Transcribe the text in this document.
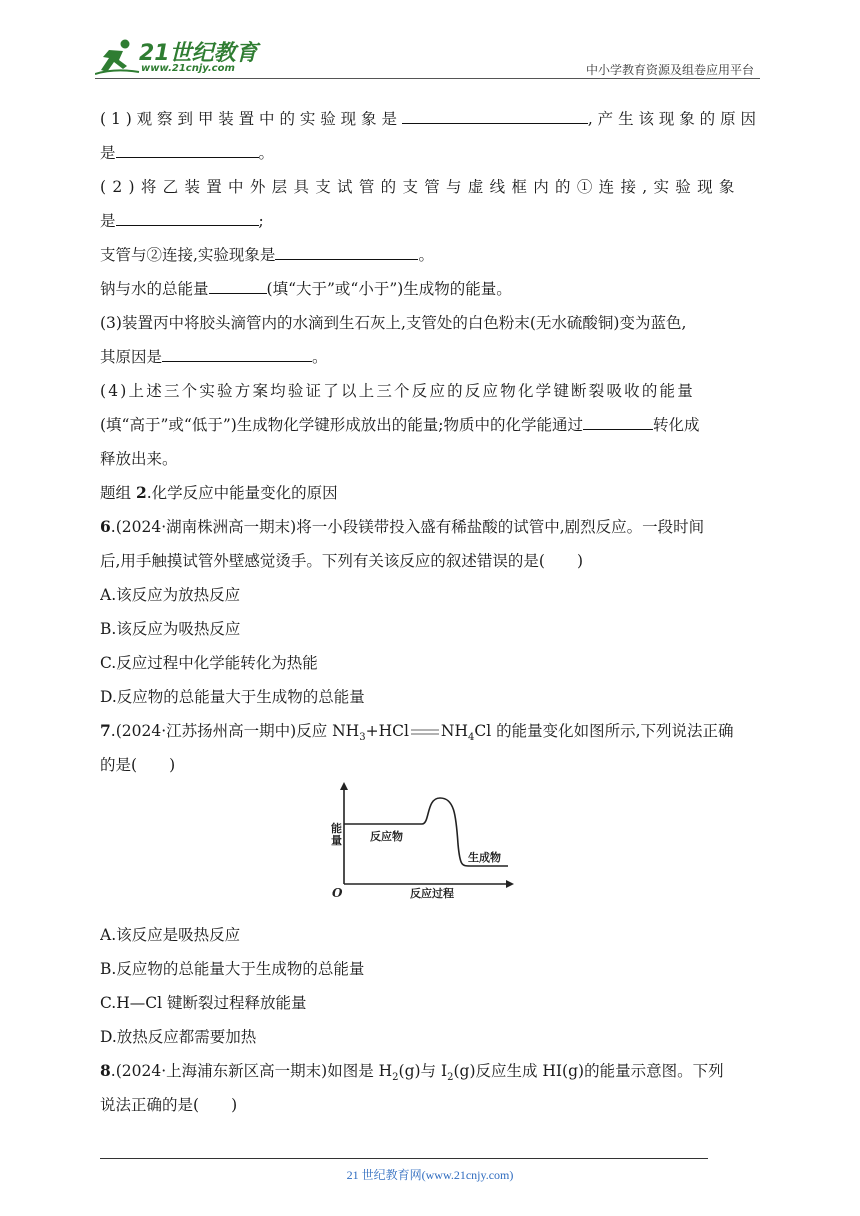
21世纪教育
www.21cnjy.com	中小学教育资源及组卷应用平台
(1)观察到甲装置中的实验现象是	,产生该现象的原因
是	。
(2)将乙装置中外层具支试管的支管与虚线框内的①连接,实验现象
是	;
支管与②连接,实验现象是	。
钠与水的总能量	(填“大于”或“小于”)生成物的能量。
(3)装置丙中将胶头滴管内的水滴到生石灰上,支管处的白色粉末(无水硫酸铜)变为蓝色,
其原因是	。
(4)上述三个实验方案均验证了以上三个反应的反应物化学键断裂吸收的能量
(填“高于”或“低于”)生成物化学键形成放出的能量;物质中的化学能通过	转化成
释放出来。
题组 2.化学反应中能量变化的原因
6.(2024·湖南株洲高一期末)将一小段镁带投入盛有稀盐酸的试管中,剧烈反应。一段时间
后,用手触摸试管外壁感觉烫手。下列有关该反应的叙述错误的是( )
A.该反应为放热反应
B.该反应为吸热反应
C.反应过程中化学能转化为热能
D.反应物的总能量大于生成物的总能量
7.(2024·江苏扬州高一期中)反应 $NH_3+HCl$ $NH_4Cl$ 的能量变化如图所示,下列说法正确
的是( )
A.该反应是吸热反应
B.反应物的总能量大于生成物的总能量
C.H—Cl 键断裂过程释放能量
D.放热反应都需要加热
8.(2024·上海浦东新区高一期末)如图是 $H_2(g)$与 $I_2(g)$反应生成 HI(g)的能量示意图。下列
说法正确的是( )
能量	反应物
生成物
O	反应过程
21 世纪教育网(www.21cnjy.com)
